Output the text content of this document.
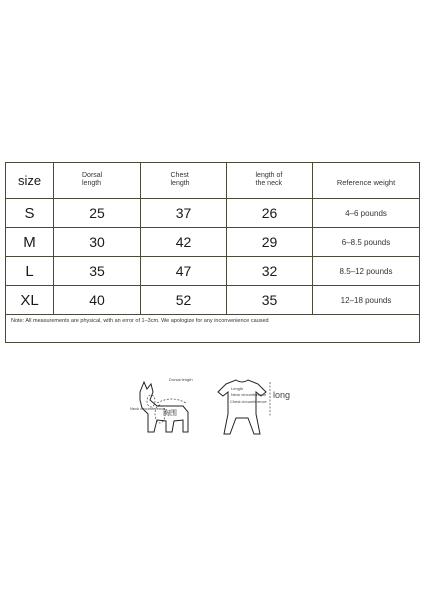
size	Dorsal length	Chest length	length of the neck	Reference weight
S	25	37	26	4–6 pounds
M	30	42	29	6–8.5 pounds
L	35	47	32	8.5–12 pounds
XL	40	52	35	12–18 pounds

Note: All measurements are physical, with an error of 1–3cm. We apologize for any inconvenience caused				
Dorsal length
Neck circumference
胸围
Length
Neck circumference
Chest circumference
long
